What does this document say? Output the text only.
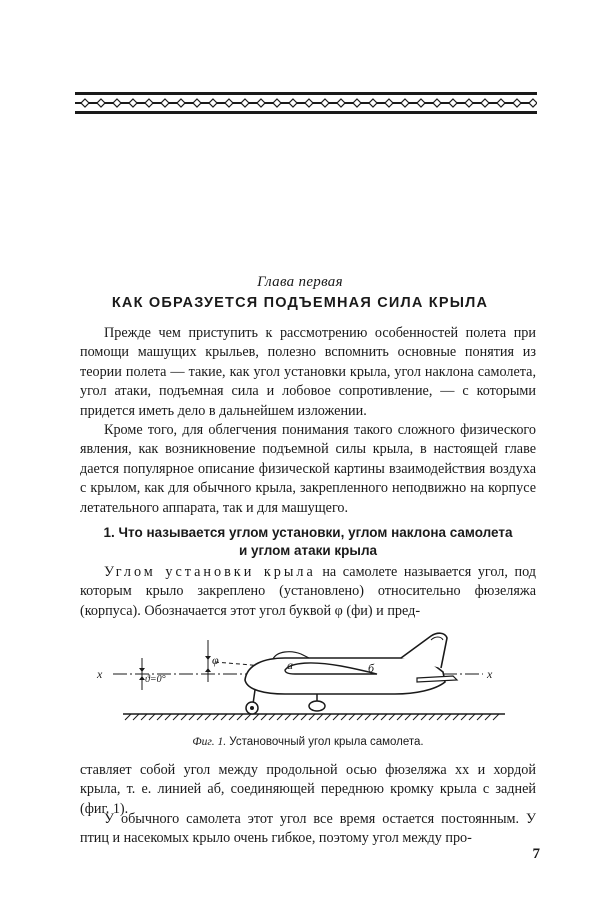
Глава первая
КАК ОБРАЗУЕТСЯ ПОДЪЕМНАЯ СИЛА КРЫЛА

Прежде чем приступить к рассмотрению особенностей полета при помощи машущих крыльев, полезно вспомнить основные понятия из теории полета — такие, как угол установки крыла, угол наклона самолета, угол атаки, подъемная сила и лобовое сопротивление, — с которыми придется иметь дело в дальнейшем изложении.

Кроме того, для облегчения понимания такого сложного физического явления, как возникновение подъемной силы крыла, в настоящей главе дается популярное описание физической картины взаимодействия воздуха с крылом, как для обычного крыла, закрепленного неподвижно на корпусе летательного аппарата, так и для машущего.

1. Что называется углом установки, углом наклона самолета
и углом атаки крыла

Углом установки крыла на самолете называется угол, под которым крыло закреплено (установлено) относительно фюзеляжа (корпуса). Обозначается этот угол буквой φ (фи) и пред-

x	x
ϑ=0°
φ	а	б
Фиг. 1. Установочный угол крыла самолета.

ставляет собой угол между продольной осью фюзеляжа xx и хордой крыла, т. е. линией аб, соединяющей переднюю кромку крыла с задней (фиг. 1).

У обычного самолета этот угол все время остается постоянным. У птиц и насекомых крыло очень гибкое, поэтому угол между про-

7
